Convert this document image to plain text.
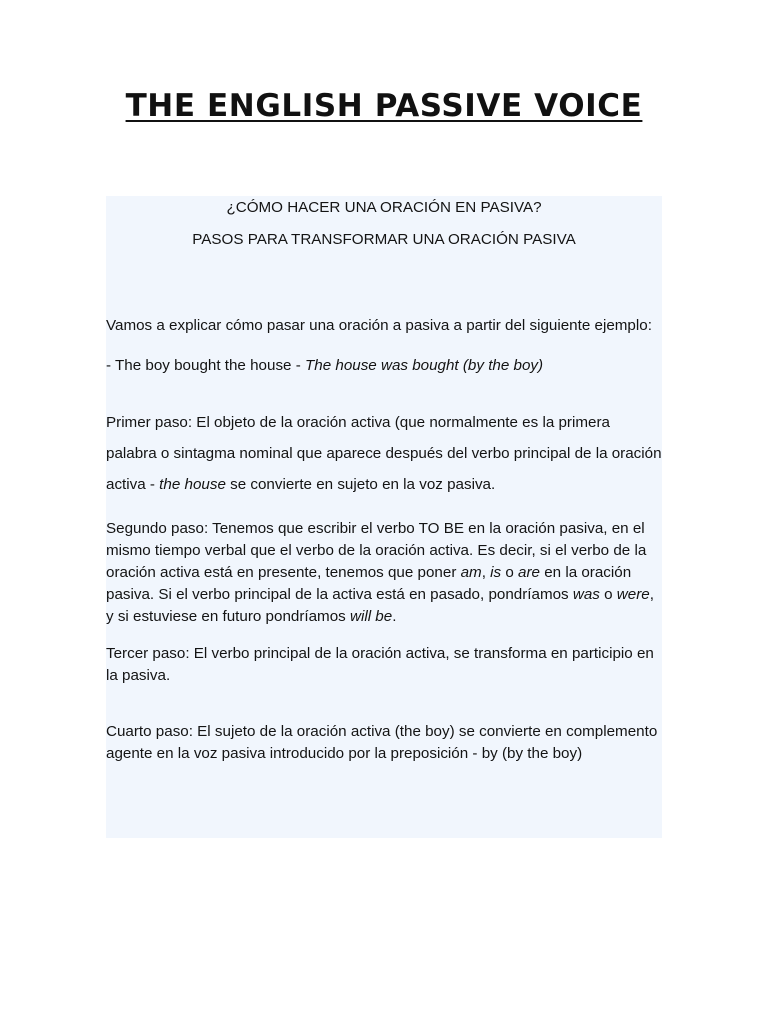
THE ENGLISH PASSIVE VOICE
¿CÓMO HACER UNA ORACIÓN EN PASIVA?
PASOS PARA TRANSFORMAR UNA ORACIÓN PASIVA

Vamos a explicar cómo pasar una oración a pasiva a partir del siguiente ejemplo:

- The boy bought the house - The house was bought (by the boy)

Primer paso: El objeto de la oración activa (que normalmente es la primera palabra o sintagma nominal que aparece después del verbo principal de la oración activa - the house se convierte en sujeto en la voz pasiva.

Segundo paso: Tenemos que escribir el verbo TO BE en la oración pasiva, en el mismo tiempo verbal que el verbo de la oración activa. Es decir, si el verbo de la oración activa está en presente, tenemos que poner am, is o are en la oración pasiva. Si el verbo principal de la activa está en pasado, pondríamos was o were, y si estuviese en futuro pondríamos will be.

Tercer paso: El verbo principal de la oración activa, se transforma en participio en la pasiva.

Cuarto paso: El sujeto de la oración activa (the boy) se convierte en complemento agente en la voz pasiva introducido por la preposición - by (by the boy)
